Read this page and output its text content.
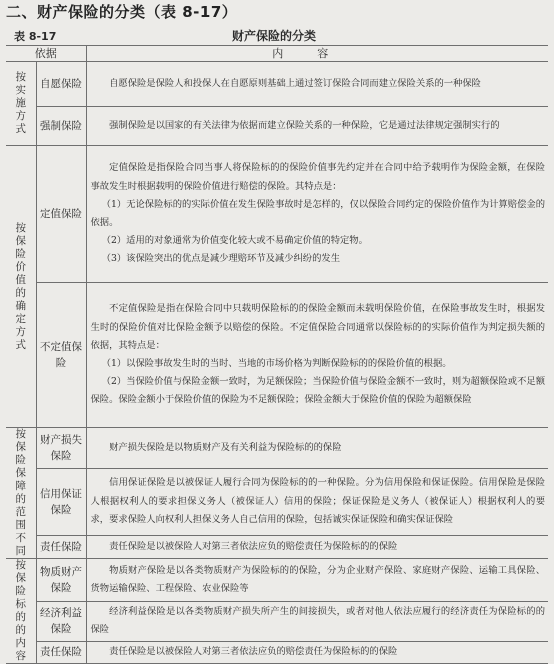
二、财产保险的分类（表 8-17）
表 8-17	财产保险的分类
依据		内容
按实施方式	自愿保险	自愿保险是保险人和投保人在自愿原则基础上通过签订保险合同而建立保险关系的一种保险

	强制保险	强制保险是以国家的有关法律为依据而建立保险关系的一种保险，它是通过法律规定强制实行的

按保险价值的确定方式	定值保险	定值保险是指保险合同当事人将保险标的的保险价值事先约定并在合同中给予载明作为保险金额，在保险事故发生时根据载明的保险价值进行赔偿的保险。其特点是：

（1）无论保险标的的实际价值在发生保险事故时是怎样的，仅以保险合同约定的保险价值作为计算赔偿金的依据。

（2）适用的对象通常为价值变化较大或不易确定价值的特定物。

（3）该保险突出的优点是减少理赔环节及减少纠纷的发生

	不定值保险	不定值保险是指在保险合同中只载明保险标的的保险金额而未载明保险价值，在保险事故发生时，根据发生时的保险价值对比保险金额予以赔偿的保险。不定值保险合同通常以保险标的的实际价值作为判定损失额的依据，其特点是：

（1）以保险事故发生时的当时、当地的市场价格为判断保险标的的保险价值的根据。

（2）当保险价值与保险金额一致时，为足额保险；当保险价值与保险金额不一致时，则为超额保险或不足额保险。保险金额小于保险价值的保险为不足额保险；保险金额大于保险价值的保险为超额保险

按保险保障的范围不同	财产损失保险	财产损失保险是以物质财产及有关利益为保险标的的保险

	信用保证保险	信用保证保险是以被保证人履行合同为保险标的的一种保险。分为信用保险和保证保险。信用保险是保险人根据权利人的要求担保义务人（被保证人）信用的保险；保证保险是义务人（被保证人）根据权利人的要求，要求保险人向权利人担保义务人自己信用的保险，包括诚实保证保险和确实保证保险

	责任保险	责任保险是以被保险人对第三者依法应负的赔偿责任为保险标的的保险

按保险标的的内容	物质财产保险	物质财产保险是以各类物质财产为保险标的的保险，分为企业财产保险、家庭财产保险、运输工具保险、货物运输保险、工程保险、农业保险等

	经济利益保险	经济利益保险是以各类物质财产损失所产生的间接损失，或者对他人依法应履行的经济责任为保险标的的保险

	责任保险	责任保险是以被保险人对第三者依法应负的赔偿责任为保险标的的保险
